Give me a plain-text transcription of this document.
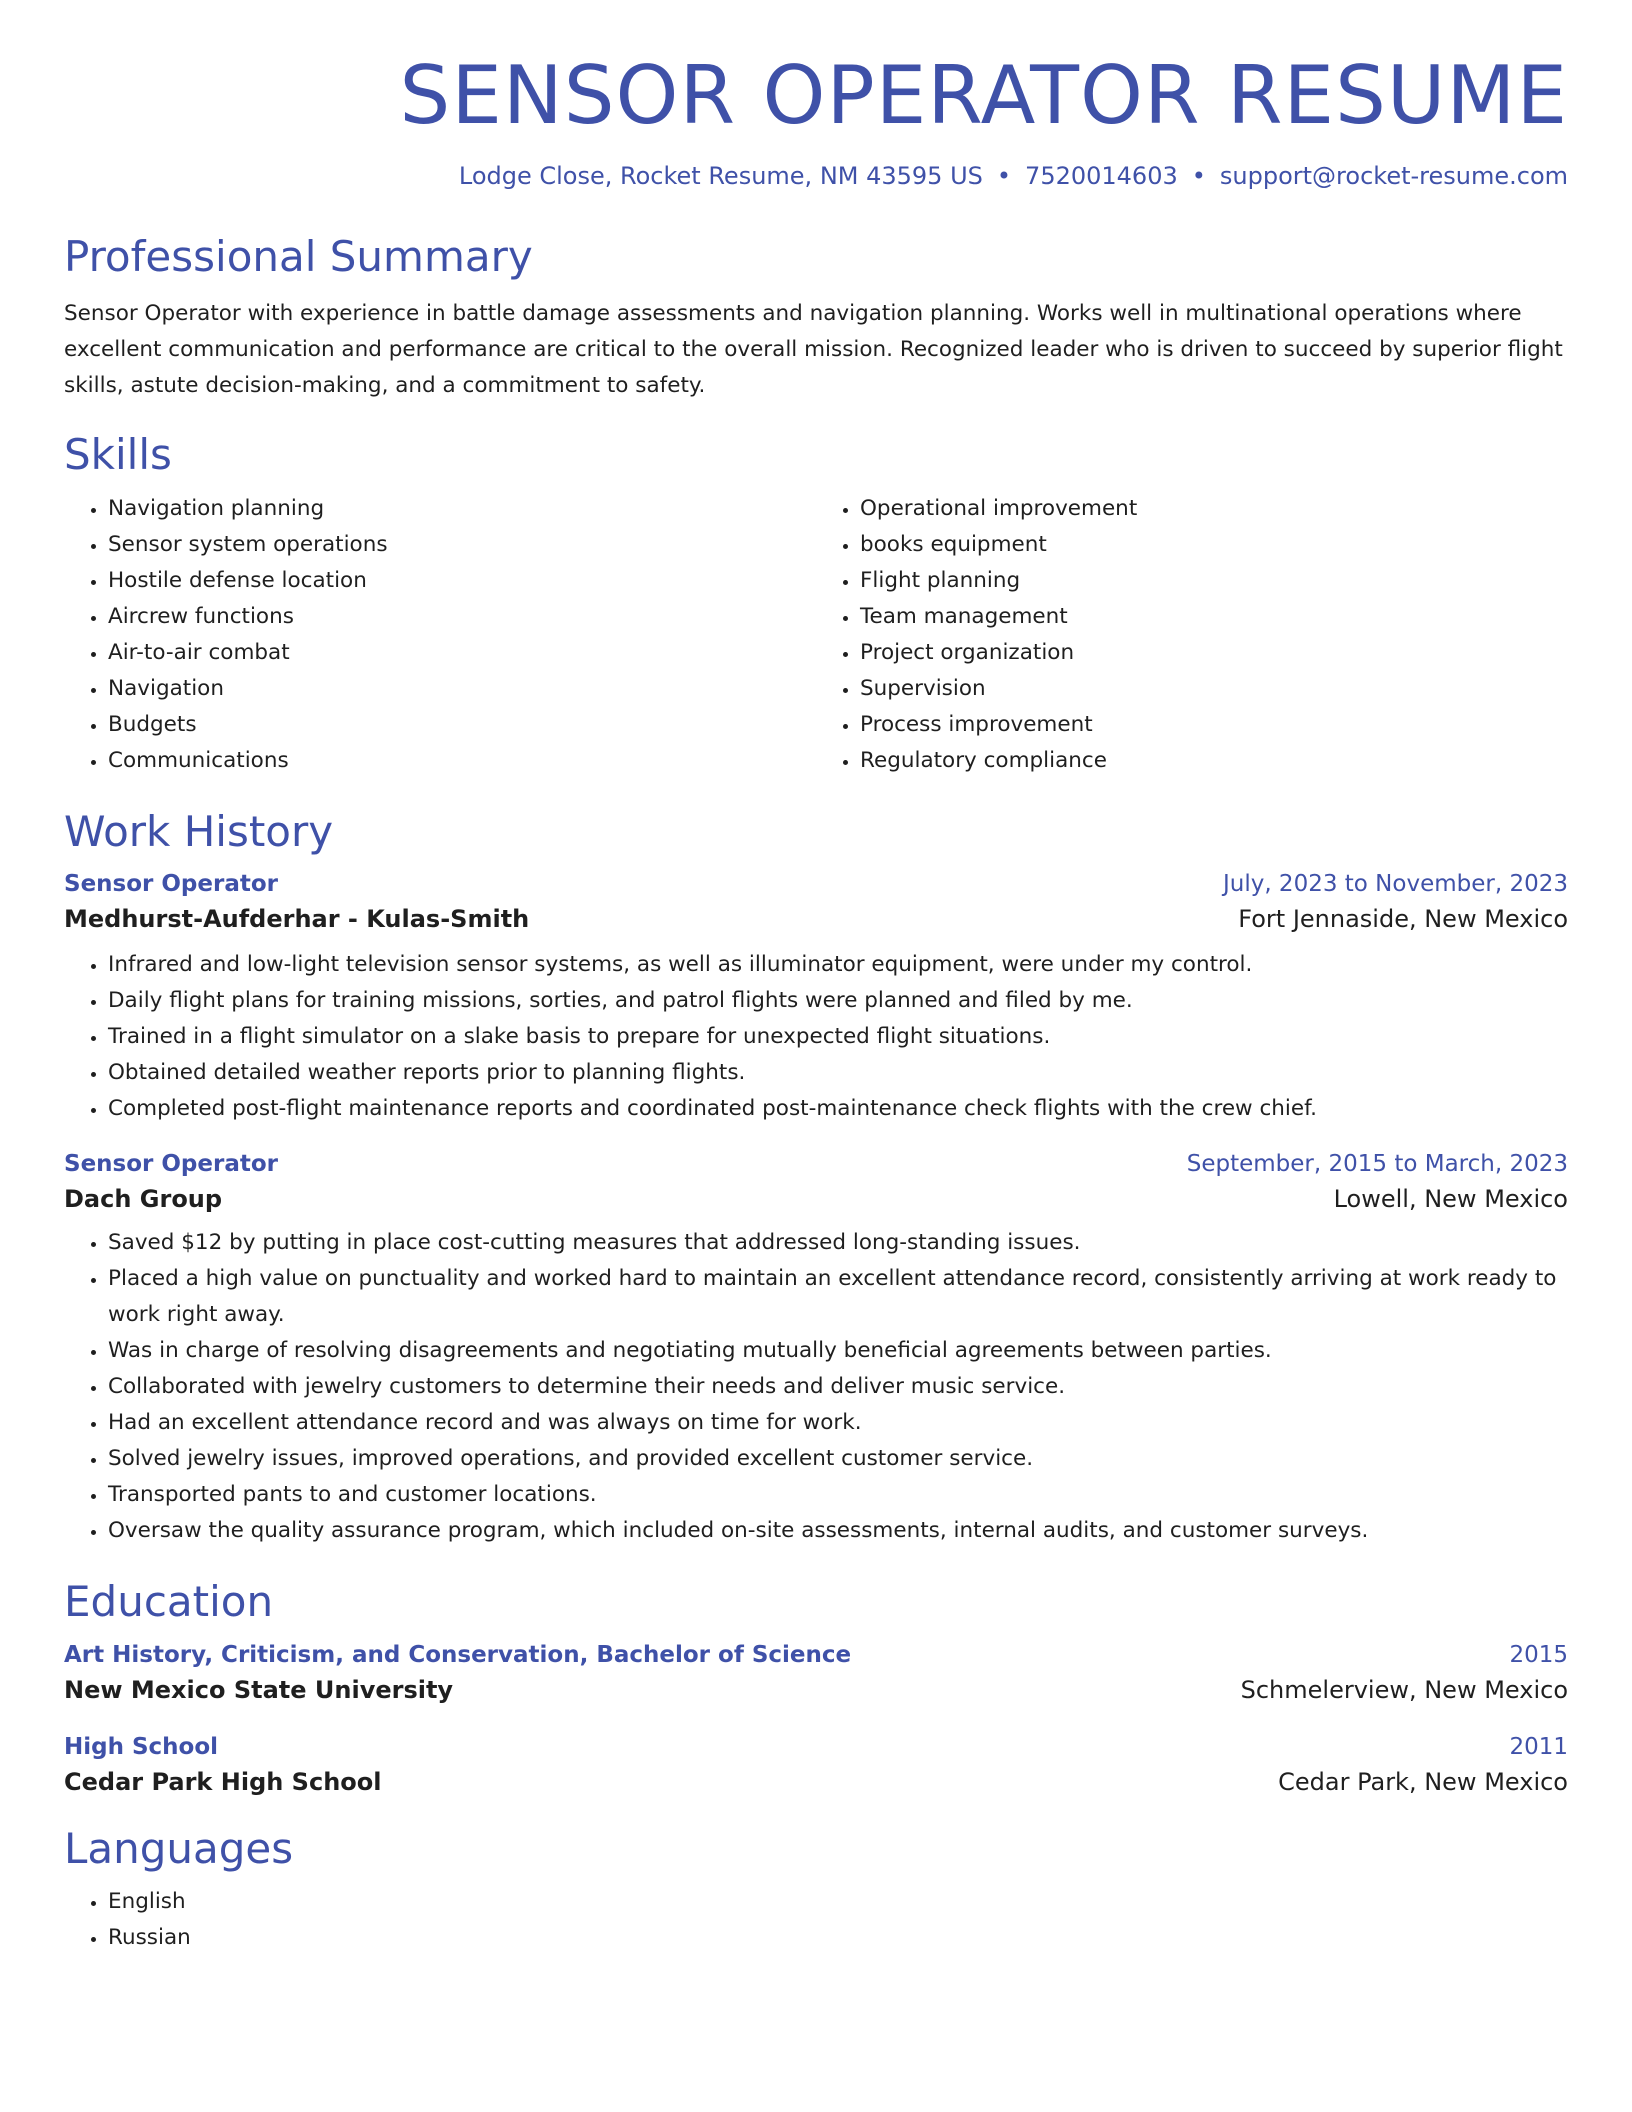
SENSOR OPERATOR RESUME
Lodge Close, Rocket Resume, NM 43595 US • 7520014603 • support@rocket-resume.com
Professional Summary

Sensor Operator with experience in battle damage assessments and navigation planning. Works well in multinational operations where excellent communication and performance are critical to the overall mission. Recognized leader who is driven to succeed by superior flight skills, astute decision-making, and a commitment to safety.

Skills
• Navigation planning
• Sensor system operations
• Hostile defense location
• Aircrew functions
• Air-to-air combat
• Navigation
• Budgets
• Communications
• Operational improvement
• books equipment
• Flight planning
• Team management
• Project organization
• Supervision
• Process improvement
• Regulatory compliance
Work History
Sensor Operator	July, 2023 to November, 2023
Medhurst-Aufderhar - Kulas-Smith	Fort Jennaside, New Mexico
• Infrared and low-light television sensor systems, as well as illuminator equipment, were under my control.
• Daily flight plans for training missions, sorties, and patrol flights were planned and filed by me.
• Trained in a flight simulator on a slake basis to prepare for unexpected flight situations.
• Obtained detailed weather reports prior to planning flights.
• Completed post-flight maintenance reports and coordinated post-maintenance check flights with the crew chief.
Sensor Operator	September, 2015 to March, 2023
Dach Group	Lowell, New Mexico
• Saved $12 by putting in place cost-cutting measures that addressed long-standing issues.
• Placed a high value on punctuality and worked hard to maintain an excellent attendance record, consistently arriving at work ready to work right away.
• Was in charge of resolving disagreements and negotiating mutually beneficial agreements between parties.
• Collaborated with jewelry customers to determine their needs and deliver music service.
• Had an excellent attendance record and was always on time for work.
• Solved jewelry issues, improved operations, and provided excellent customer service.
• Transported pants to and customer locations.
• Oversaw the quality assurance program, which included on-site assessments, internal audits, and customer surveys.
Education
Art History, Criticism, and Conservation, Bachelor of Science	2015
New Mexico State University	Schmelerview, New Mexico
High School	2011
Cedar Park High School	Cedar Park, New Mexico
Languages
• English
• Russian
